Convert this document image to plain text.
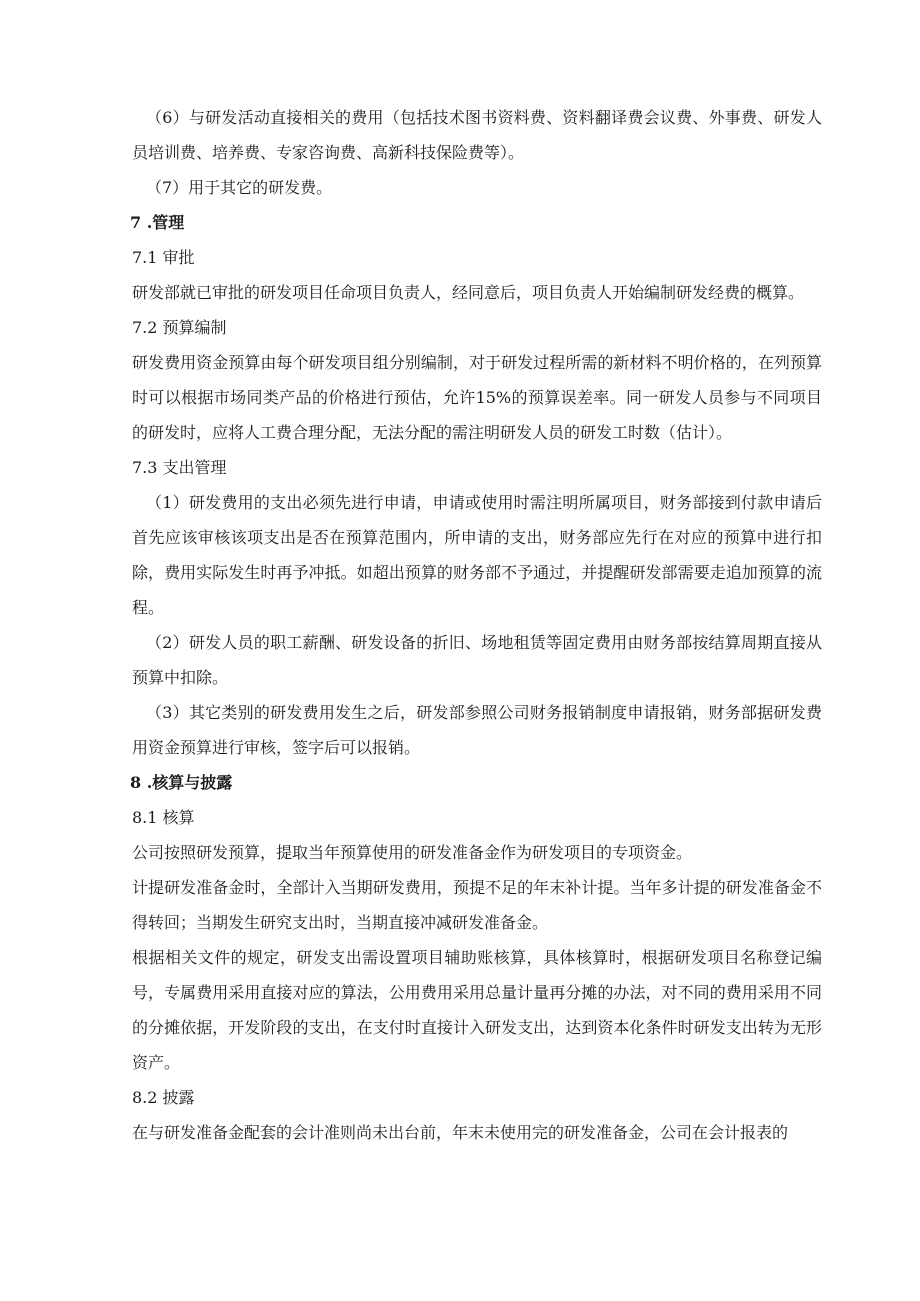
（6）与研发活动直接相关的费用（包括技术图书资料费、资料翻译费会议费、外事费、研发人员培训费、培养费、专家咨询费、高新科技保险费等）。

（7）用于其它的研发费。

7 .管理

7.1 审批

研发部就已审批的研发项目任命项目负责人，经同意后，项目负责人开始编制研发经费的概算。

7.2 预算编制

研发费用资金预算由每个研发项目组分别编制，对于研发过程所需的新材料不明价格的，在列预算时可以根据市场同类产品的价格进行预估，允许15%的预算误差率。同一研发人员参与不同项目的研发时，应将人工费合理分配，无法分配的需注明研发人员的研发工时数（估计）。

7.3 支出管理

（1）研发费用的支出必须先进行申请，申请或使用时需注明所属项目，财务部接到付款申请后首先应该审核该项支出是否在预算范围内，所申请的支出，财务部应先行在对应的预算中进行扣除，费用实际发生时再予冲抵。如超出预算的财务部不予通过，并提醒研发部需要走追加预算的流程。

（2）研发人员的职工薪酬、研发设备的折旧、场地租赁等固定费用由财务部按结算周期直接从预算中扣除。

（3）其它类别的研发费用发生之后，研发部参照公司财务报销制度申请报销，财务部据研发费用资金预算进行审核，签字后可以报销。

8 .核算与披露

8.1 核算

公司按照研发预算，提取当年预算使用的研发准备金作为研发项目的专项资金。

计提研发准备金时，全部计入当期研发费用，预提不足的年末补计提。当年多计提的研发准备金不得转回；当期发生研究支出时，当期直接冲减研发准备金。

根据相关文件的规定，研发支出需设置项目辅助账核算，具体核算时，根据研发项目名称登记编号，专属费用采用直接对应的算法，公用费用采用总量计量再分摊的办法，对不同的费用采用不同的分摊依据，开发阶段的支出，在支付时直接计入研发支出，达到资本化条件时研发支出转为无形资产。

8.2 披露

在与研发准备金配套的会计准则尚未出台前，年末未使用完的研发准备金，公司在会计报表的
